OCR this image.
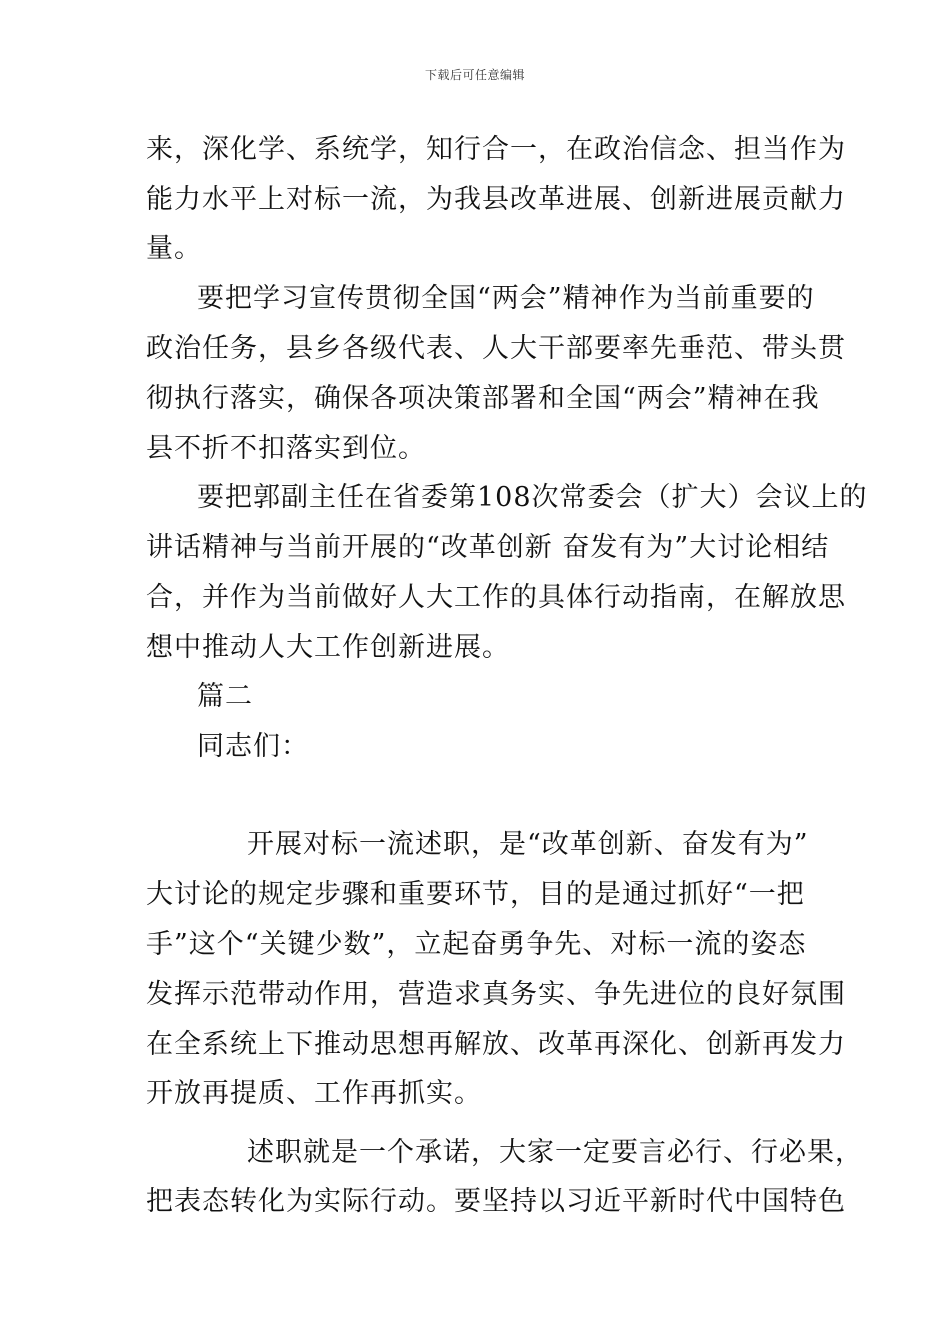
下载后可任意编辑
来，深化学、系统学，知行合一，在政治信念、担当作为
能力水平上对标一流，为我县改革进展、创新进展贡献力
量。
要把学习宣传贯彻全国“两会”精神作为当前重要的
政治任务，县乡各级代表、人大干部要率先垂范、带头贯
彻执行落实，确保各项决策部署和全国“两会”精神在我
县不折不扣落实到位。
要把郭副主任在省委第108次常委会（扩大）会议上的
讲话精神与当前开展的“改革创新 奋发有为”大讨论相结
合，并作为当前做好人大工作的具体行动指南，在解放思
想中推动人大工作创新进展。
篇二
同志们：
开展对标一流述职，是“改革创新、奋发有为”
大讨论的规定步骤和重要环节，目的是通过抓好“一把
手”这个“关键少数”，立起奋勇争先、对标一流的姿态
发挥示范带动作用，营造求真务实、争先进位的良好氛围
在全系统上下推动思想再解放、改革再深化、创新再发力
开放再提质、工作再抓实。
述职就是一个承诺，大家一定要言必行、行必果，
把表态转化为实际行动。要坚持以习近平新时代中国特色
